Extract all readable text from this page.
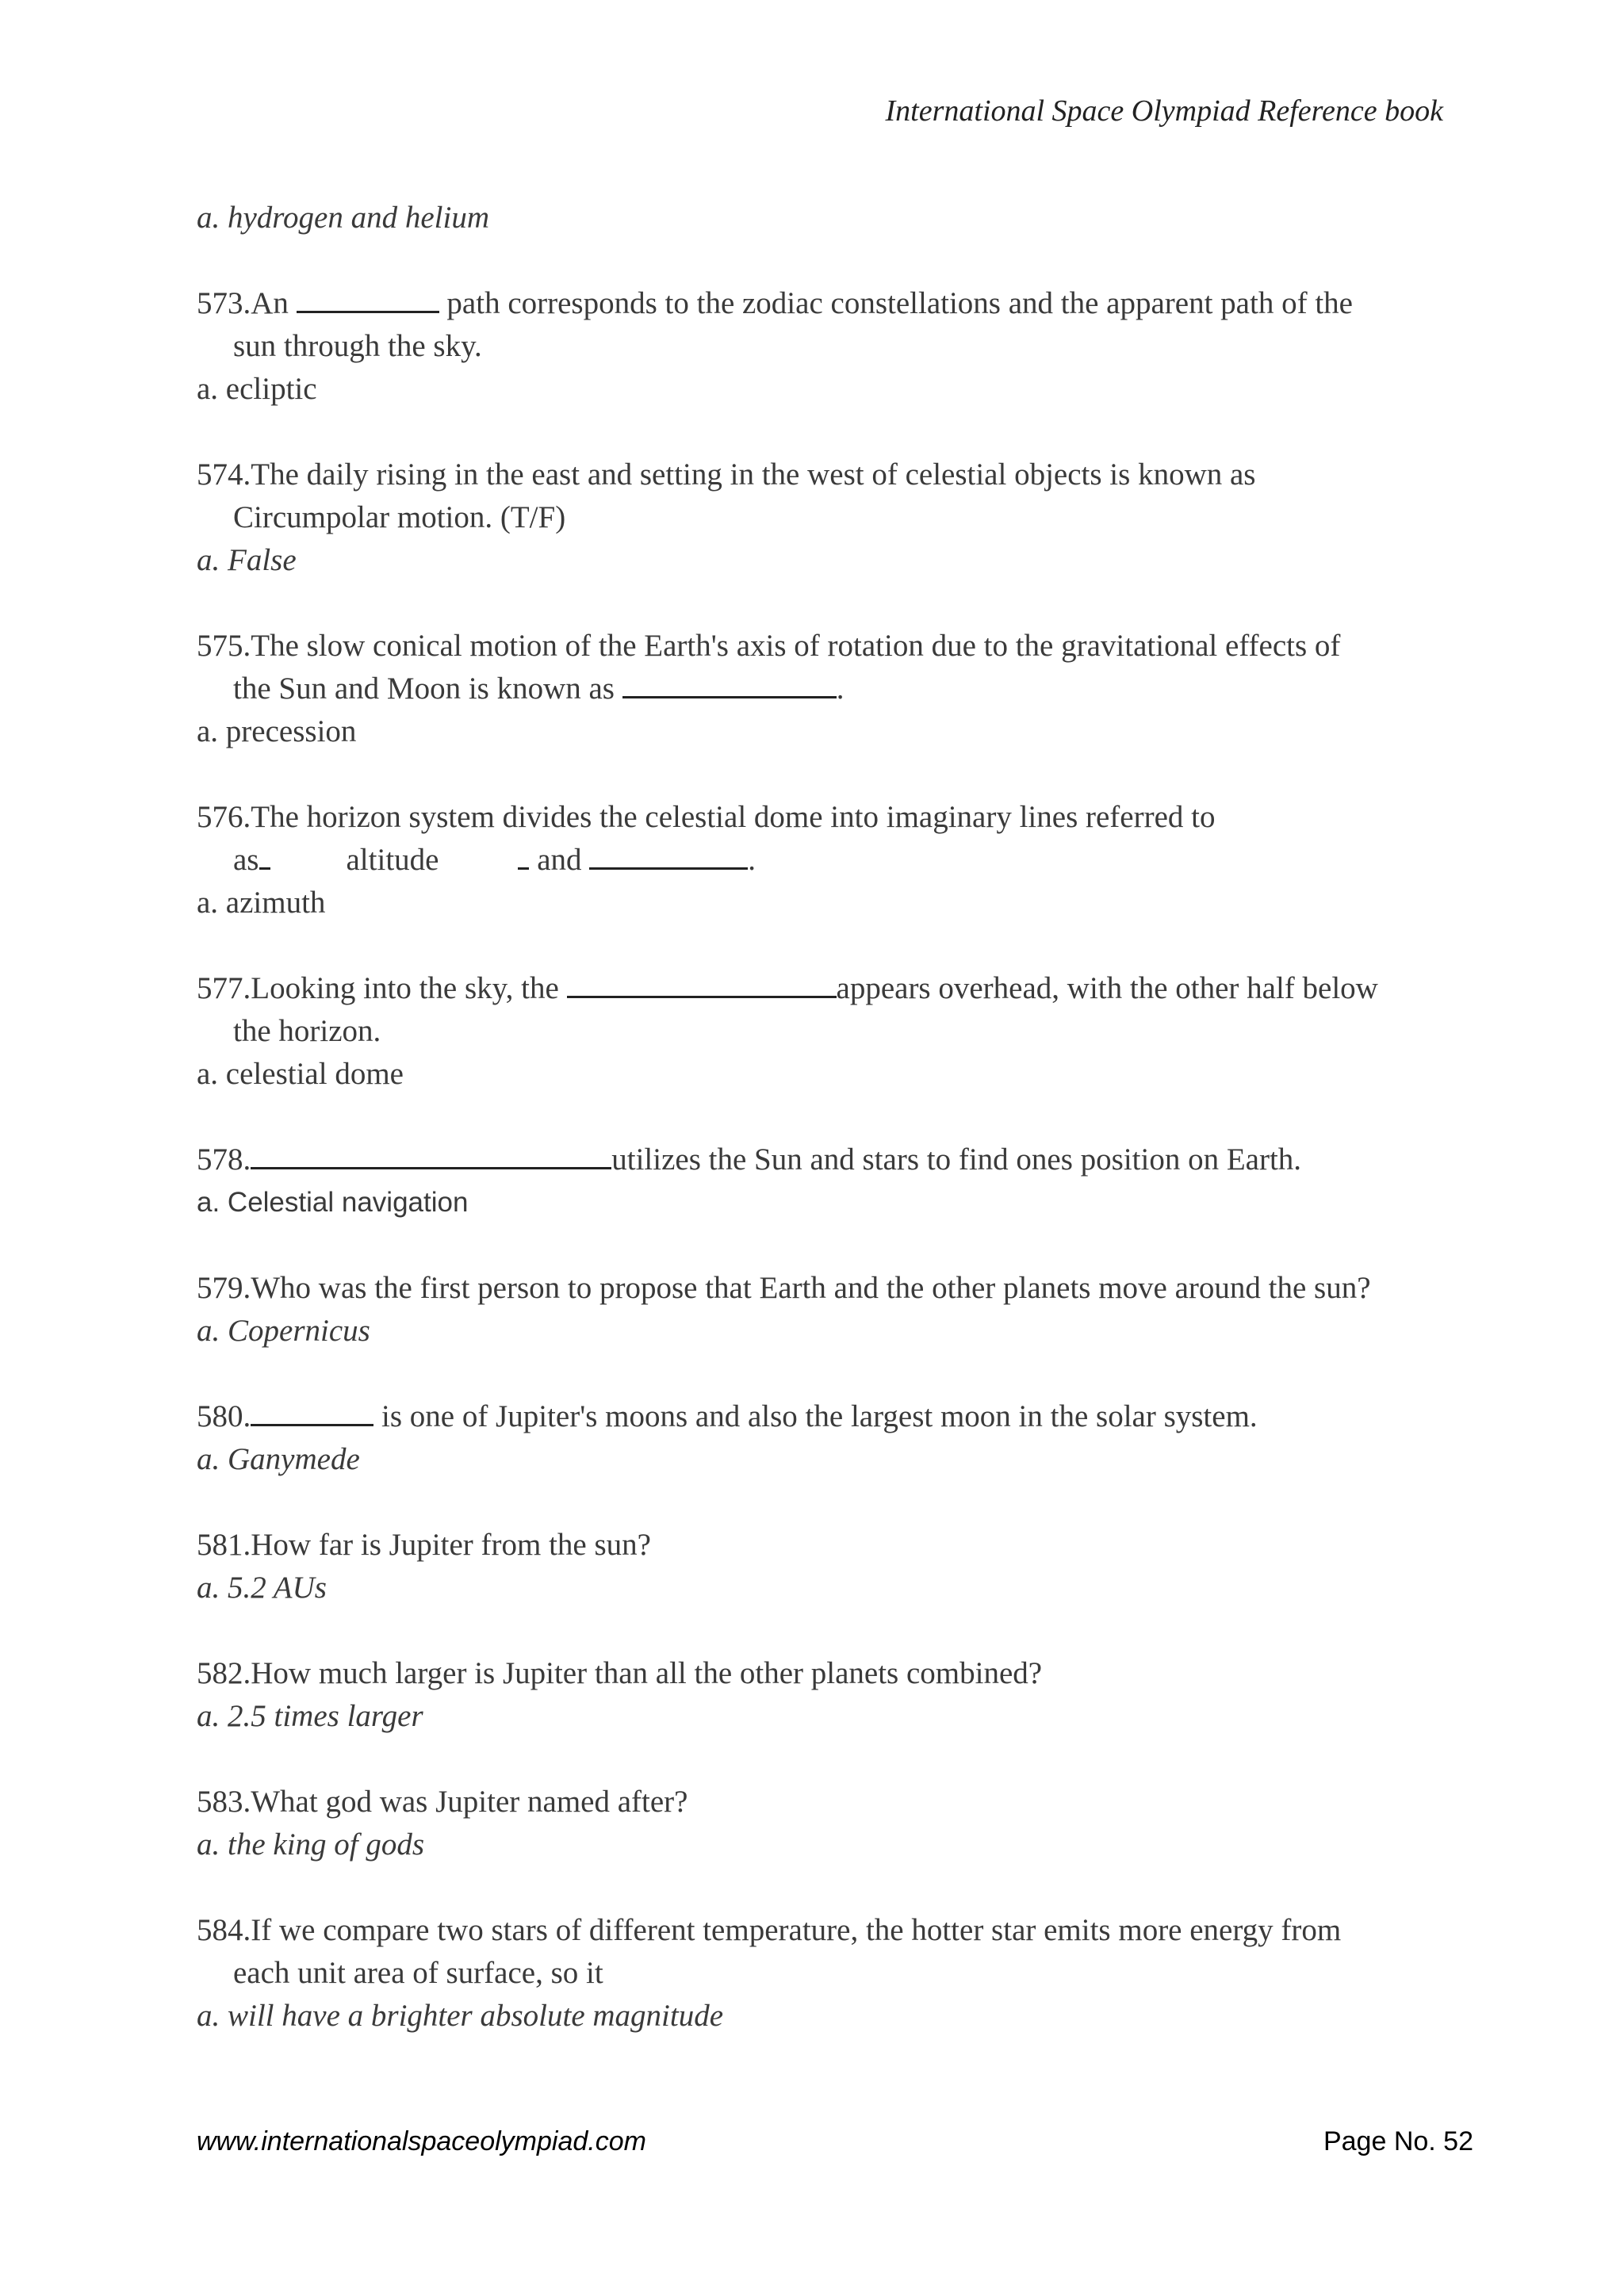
International Space Olympiad Reference book

a. hydrogen and helium

573.An	path corresponds to the zodiac constellations and the apparent path of the
sun through the sky.

a. ecliptic

574.The daily rising in the east and setting in the west of celestial objects is known as
Circumpolar motion. (T/F)

a. False

575.The slow conical motion of the Earth's axis of rotation due to the gravitational effects of
the Sun and Moon is known as	.

a. precession

576.The horizon system divides the celestial dome into imaginary lines referred to
as	altitude	and	.

a. azimuth

577.Looking into the sky, the	appears overhead, with the other half below
the horizon.

a. celestial dome

578.	utilizes the Sun and stars to find ones position on Earth.

a. Celestial navigation

579.Who was the first person to propose that Earth and the other planets move around the sun?

a. Copernicus

580.	is one of Jupiter's moons and also the largest moon in the solar system.

a. Ganymede

581.How far is Jupiter from the sun?

a. 5.2 AUs

582.How much larger is Jupiter than all the other planets combined?

a. 2.5 times larger

583.What god was Jupiter named after?

a. the king of gods

584.If we compare two stars of different temperature, the hotter star emits more energy from
each unit area of surface, so it

a. will have a brighter absolute magnitude

www.internationalspaceolympiad.com	Page No. 52
